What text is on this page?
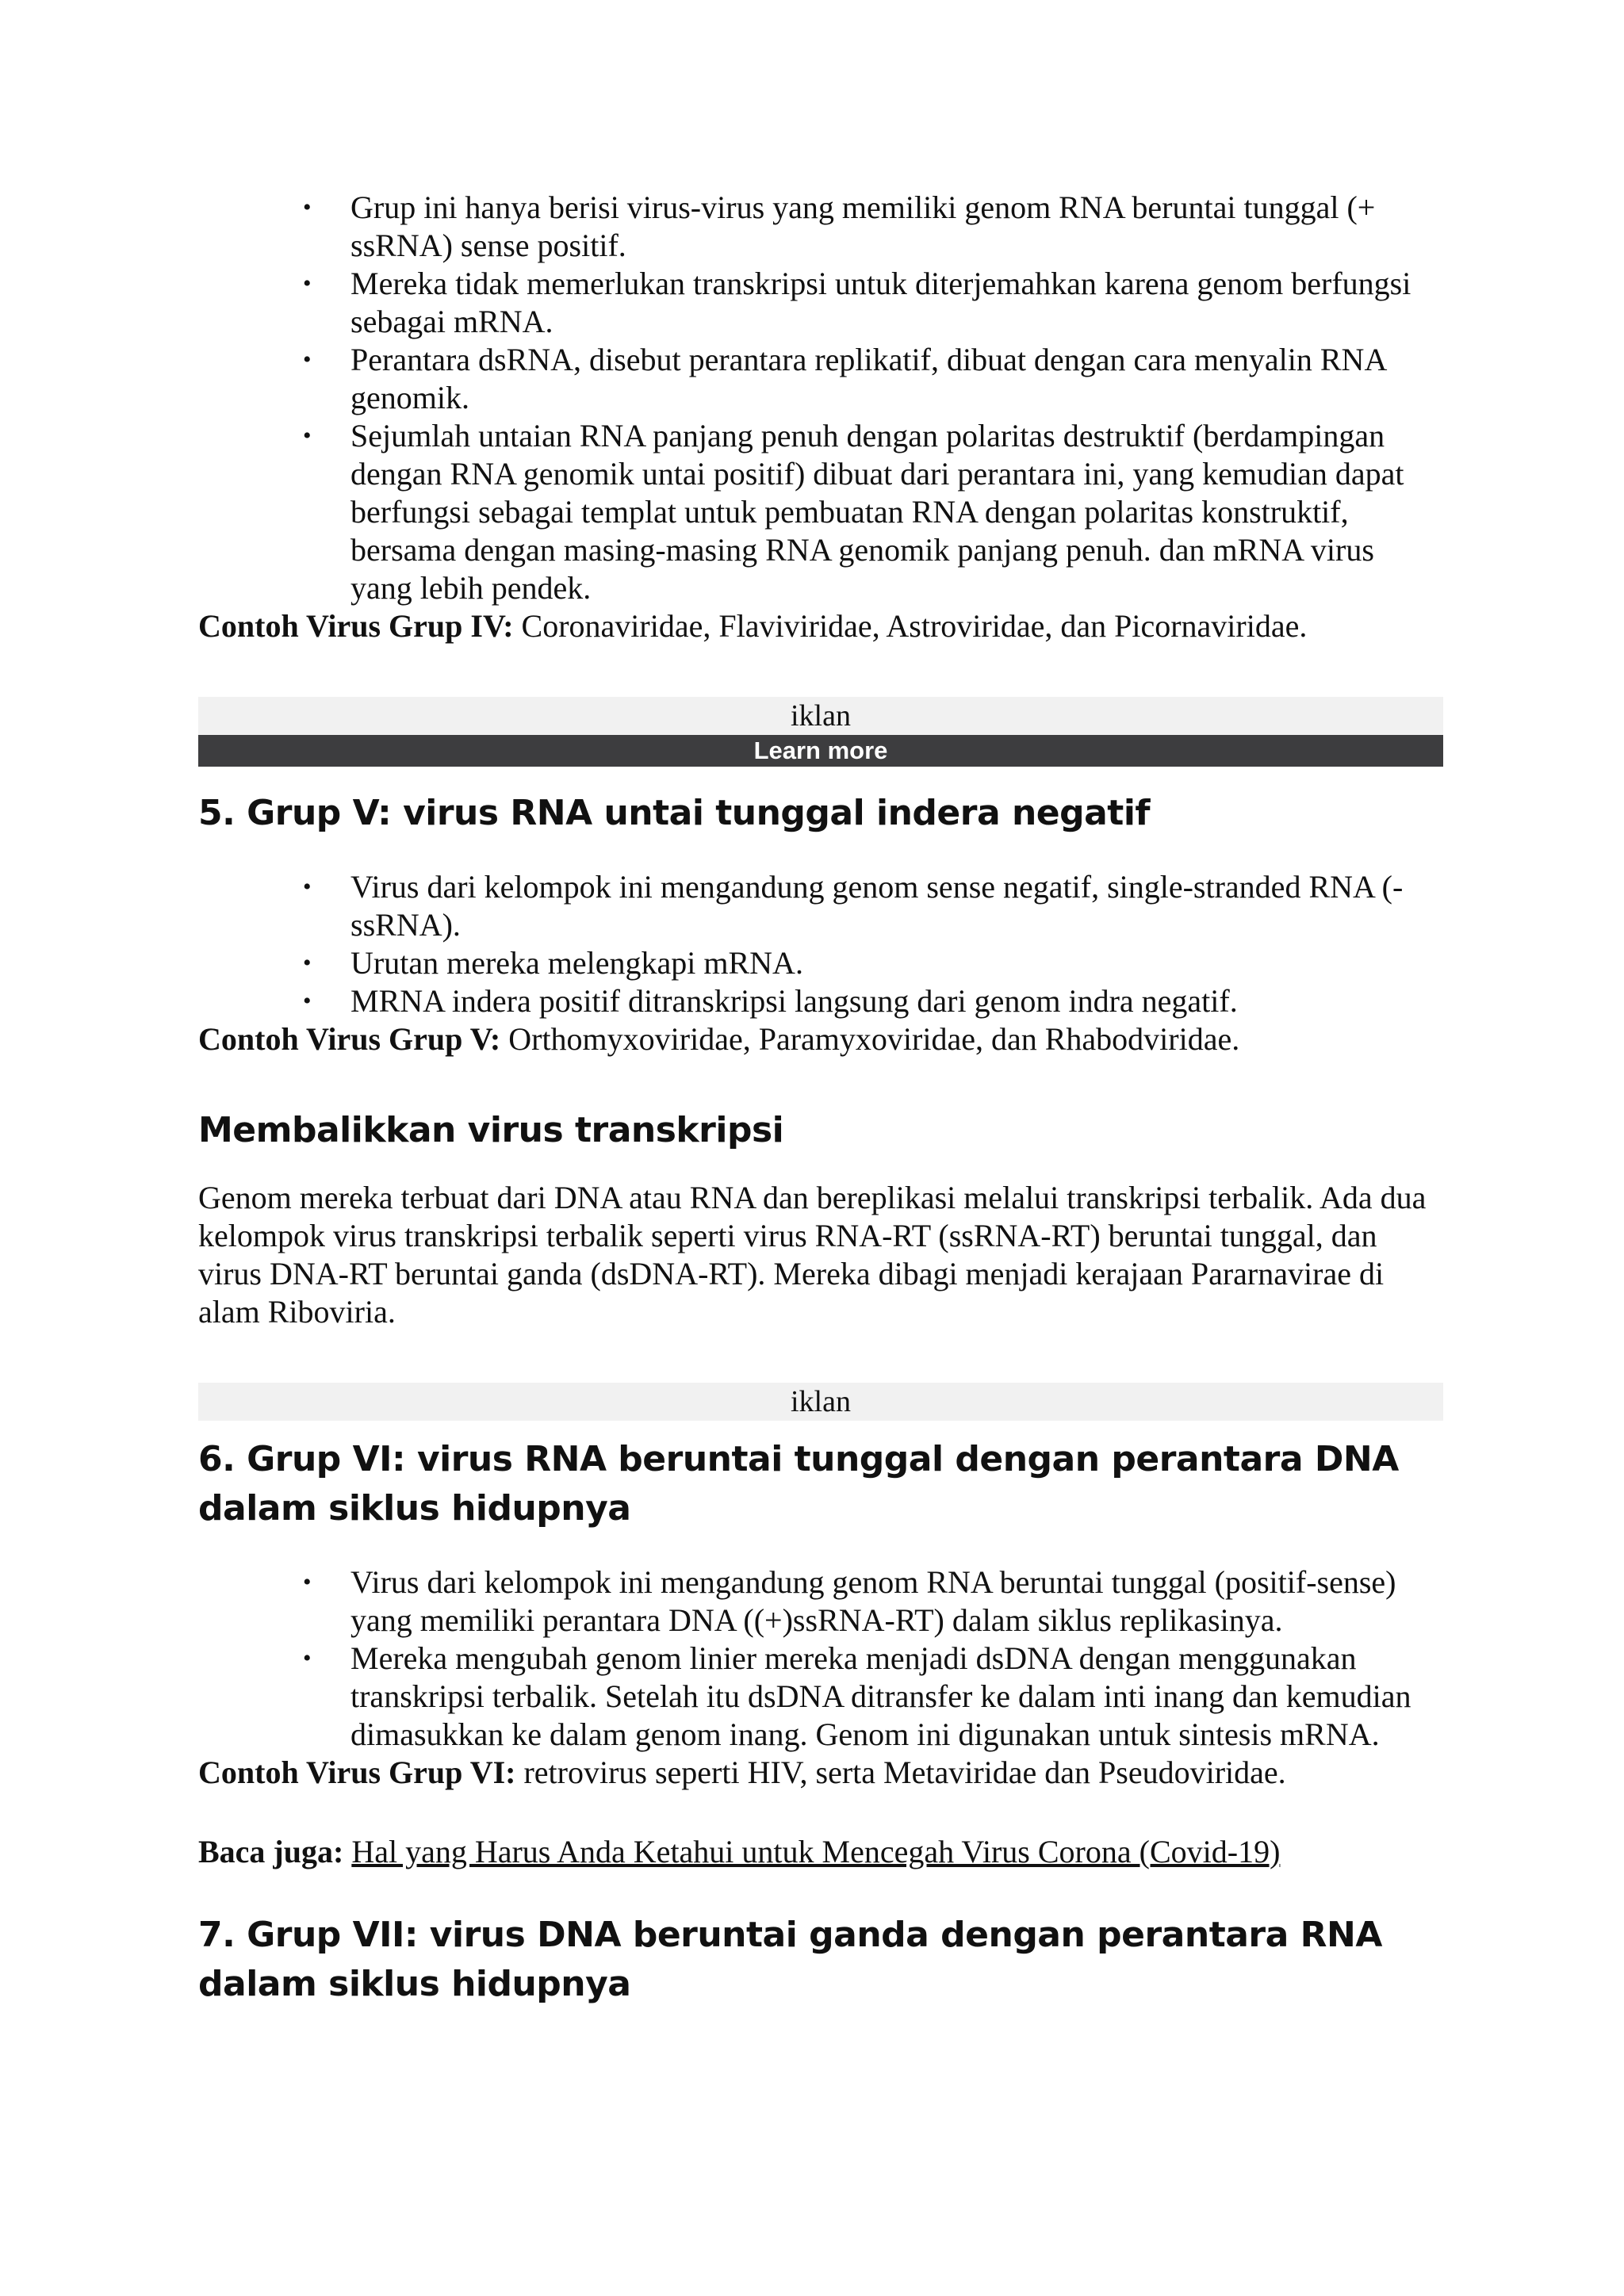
• Grup ini hanya berisi virus-virus yang memiliki genom RNA beruntai tunggal (+ ssRNA) sense positif.
• Mereka tidak memerlukan transkripsi untuk diterjemahkan karena genom berfungsi sebagai mRNA.
• Perantara dsRNA, disebut perantara replikatif, dibuat dengan cara menyalin RNA genomik.
• Sejumlah untaian RNA panjang penuh dengan polaritas destruktif (berdampingan dengan RNA genomik untai positif) dibuat dari perantara ini, yang kemudian dapat berfungsi sebagai templat untuk pembuatan RNA dengan polaritas konstruktif, bersama dengan masing-masing RNA genomik panjang penuh. dan mRNA virus yang lebih pendek.

Contoh Virus Grup IV: Coronaviridae, Flaviviridae, Astroviridae, dan Picornaviridae.

iklan
Learn more
5. Grup V: virus RNA untai tunggal indera negatif
• Virus dari kelompok ini mengandung genom sense negatif, single-stranded RNA (-ssRNA).
• Urutan mereka melengkapi mRNA.
• MRNA indera positif ditranskripsi langsung dari genom indra negatif.

Contoh Virus Grup V: Orthomyxoviridae, Paramyxoviridae, dan Rhabodviridae.

Membalikkan virus transkripsi

Genom mereka terbuat dari DNA atau RNA dan bereplikasi melalui transkripsi terbalik. Ada dua kelompok virus transkripsi terbalik seperti virus RNA-RT (ssRNA-RT) beruntai tunggal, dan virus DNA-RT beruntai ganda (dsDNA-RT). Mereka dibagi menjadi kerajaan Pararnavirae di alam Riboviria.

iklan
6. Grup VI: virus RNA beruntai tunggal dengan perantara DNA dalam siklus hidupnya
• Virus dari kelompok ini mengandung genom RNA beruntai tunggal (positif-sense) yang memiliki perantara DNA ((+)ssRNA-RT) dalam siklus replikasinya.
• Mereka mengubah genom linier mereka menjadi dsDNA dengan menggunakan transkripsi terbalik. Setelah itu dsDNA ditransfer ke dalam inti inang dan kemudian dimasukkan ke dalam genom inang. Genom ini digunakan untuk sintesis mRNA.

Contoh Virus Grup VI: retrovirus seperti HIV, serta Metaviridae dan Pseudoviridae.

Baca juga: Hal yang Harus Anda Ketahui untuk Mencegah Virus Corona (Covid-19)

7. Grup VII: virus DNA beruntai ganda dengan perantara RNA dalam siklus hidupnya
